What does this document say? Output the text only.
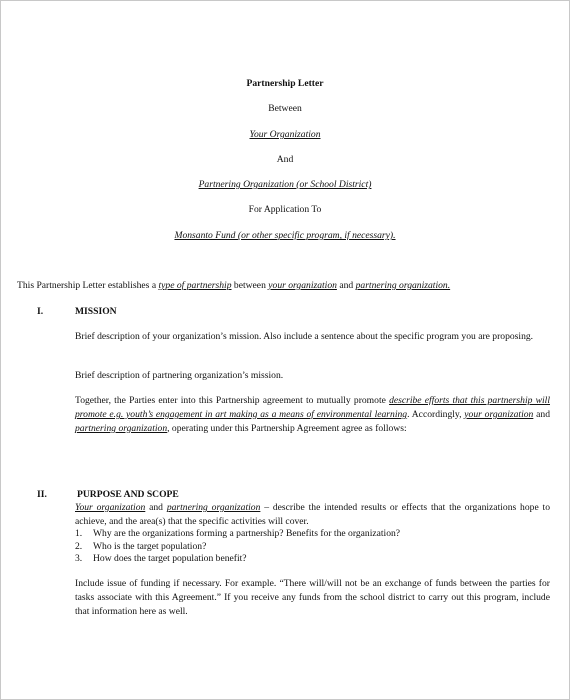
Partnership Letter
Between
Your Organization
And
Partnering Organization (or School District)
For Application To
Monsanto Fund (or other specific program, if necessary).
This Partnership Letter establishes a type of partnership between your organization and partnering organization.
I.	MISSION
Brief description of your organization’s mission. Also include a sentence about the specific program you are proposing.
Brief description of partnering organization’s mission.
Together, the Parties enter into this Partnership agreement to mutually promote describe efforts that this partnership will promote e.g. youth’s engagement in art making as a means of environmental learning. Accordingly, your organization and partnering organization, operating under this Partnership Agreement agree as follows:
II.	PURPOSE AND SCOPE
Your organization and partnering organization – describe the intended results or effects that the organizations hope to achieve, and the area(s) that the specific activities will cover.
1. Why are the organizations forming a partnership? Benefits for the organization?
2. Who is the target population?
3. How does the target population benefit?
Include issue of funding if necessary. For example. “There will/will not be an exchange of funds between the parties for tasks associate with this Agreement.” If you receive any funds from the school district to carry out this program, include that information here as well.
